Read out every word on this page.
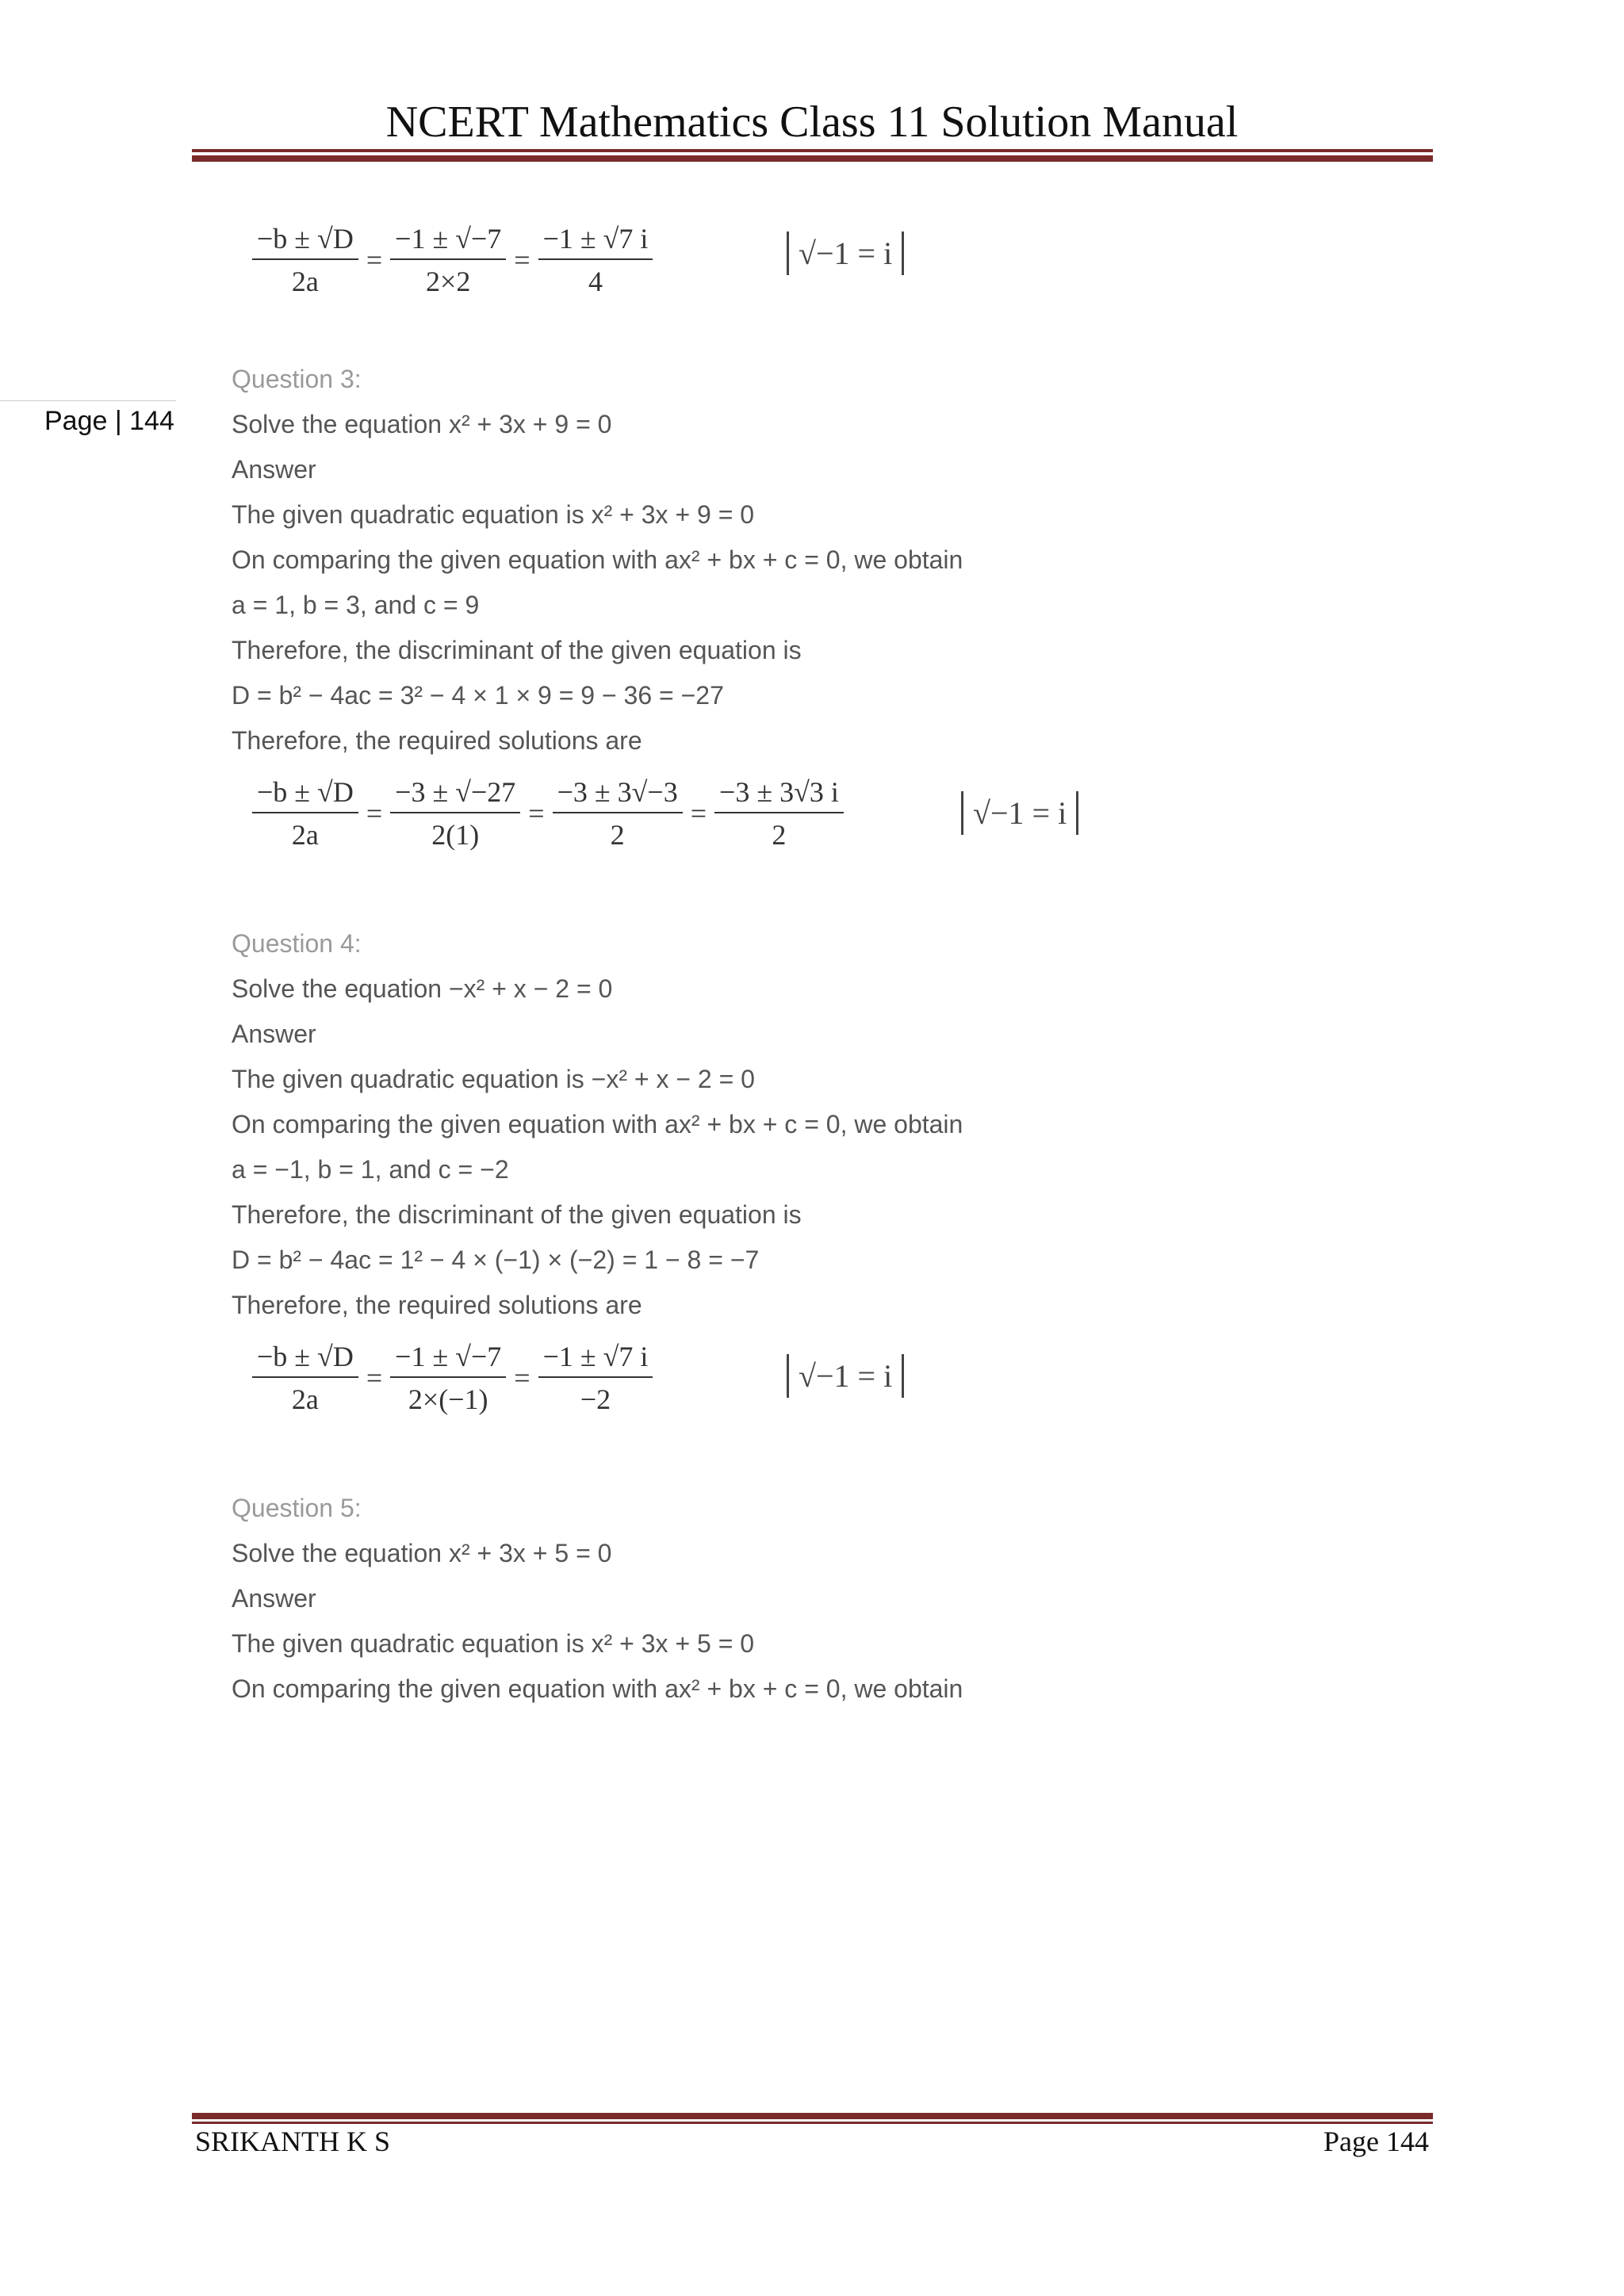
NCERT Mathematics Class 11 Solution Manual
Page | 144
$\frac{-b \pm √D}{2a} = \frac{-1 \pm √-7}{2\times 2} = \frac{-1 \pm √7 i}{4}$	√−1 = i
Question 3:
Solve the equation x² + 3x + 9 = 0
Answer
The given quadratic equation is x² + 3x + 9 = 0
On comparing the given equation with ax² + bx + c = 0, we obtain
a = 1, b = 3, and c = 9
Therefore, the discriminant of the given equation is
D = b² − 4ac = 3² − 4 × 1 × 9 = 9 − 36 = −27
Therefore, the required solutions are
$\frac{-b \pm √D}{2a} = \frac{-3 \pm √-27}{2(1)} = \frac{-3 \pm 3√-3}{2} = \frac{-3 \pm 3√3 i}{2}$	√−1 = i
Question 4:
Solve the equation −x² + x − 2 = 0
Answer
The given quadratic equation is −x² + x − 2 = 0
On comparing the given equation with ax² + bx + c = 0, we obtain
a = −1, b = 1, and c = −2
Therefore, the discriminant of the given equation is
D = b² − 4ac = 1² − 4 × (−1) × (−2) = 1 − 8 = −7
Therefore, the required solutions are
$\frac{-b \pm √D}{2a} = \frac{-1 \pm √-7}{2\times(-1)} = \frac{-1 \pm √7 i}{-2}$	√−1 = i
Question 5:
Solve the equation x² + 3x + 5 = 0
Answer
The given quadratic equation is x² + 3x + 5 = 0
On comparing the given equation with ax² + bx + c = 0, we obtain
SRIKANTH K S	Page 144
